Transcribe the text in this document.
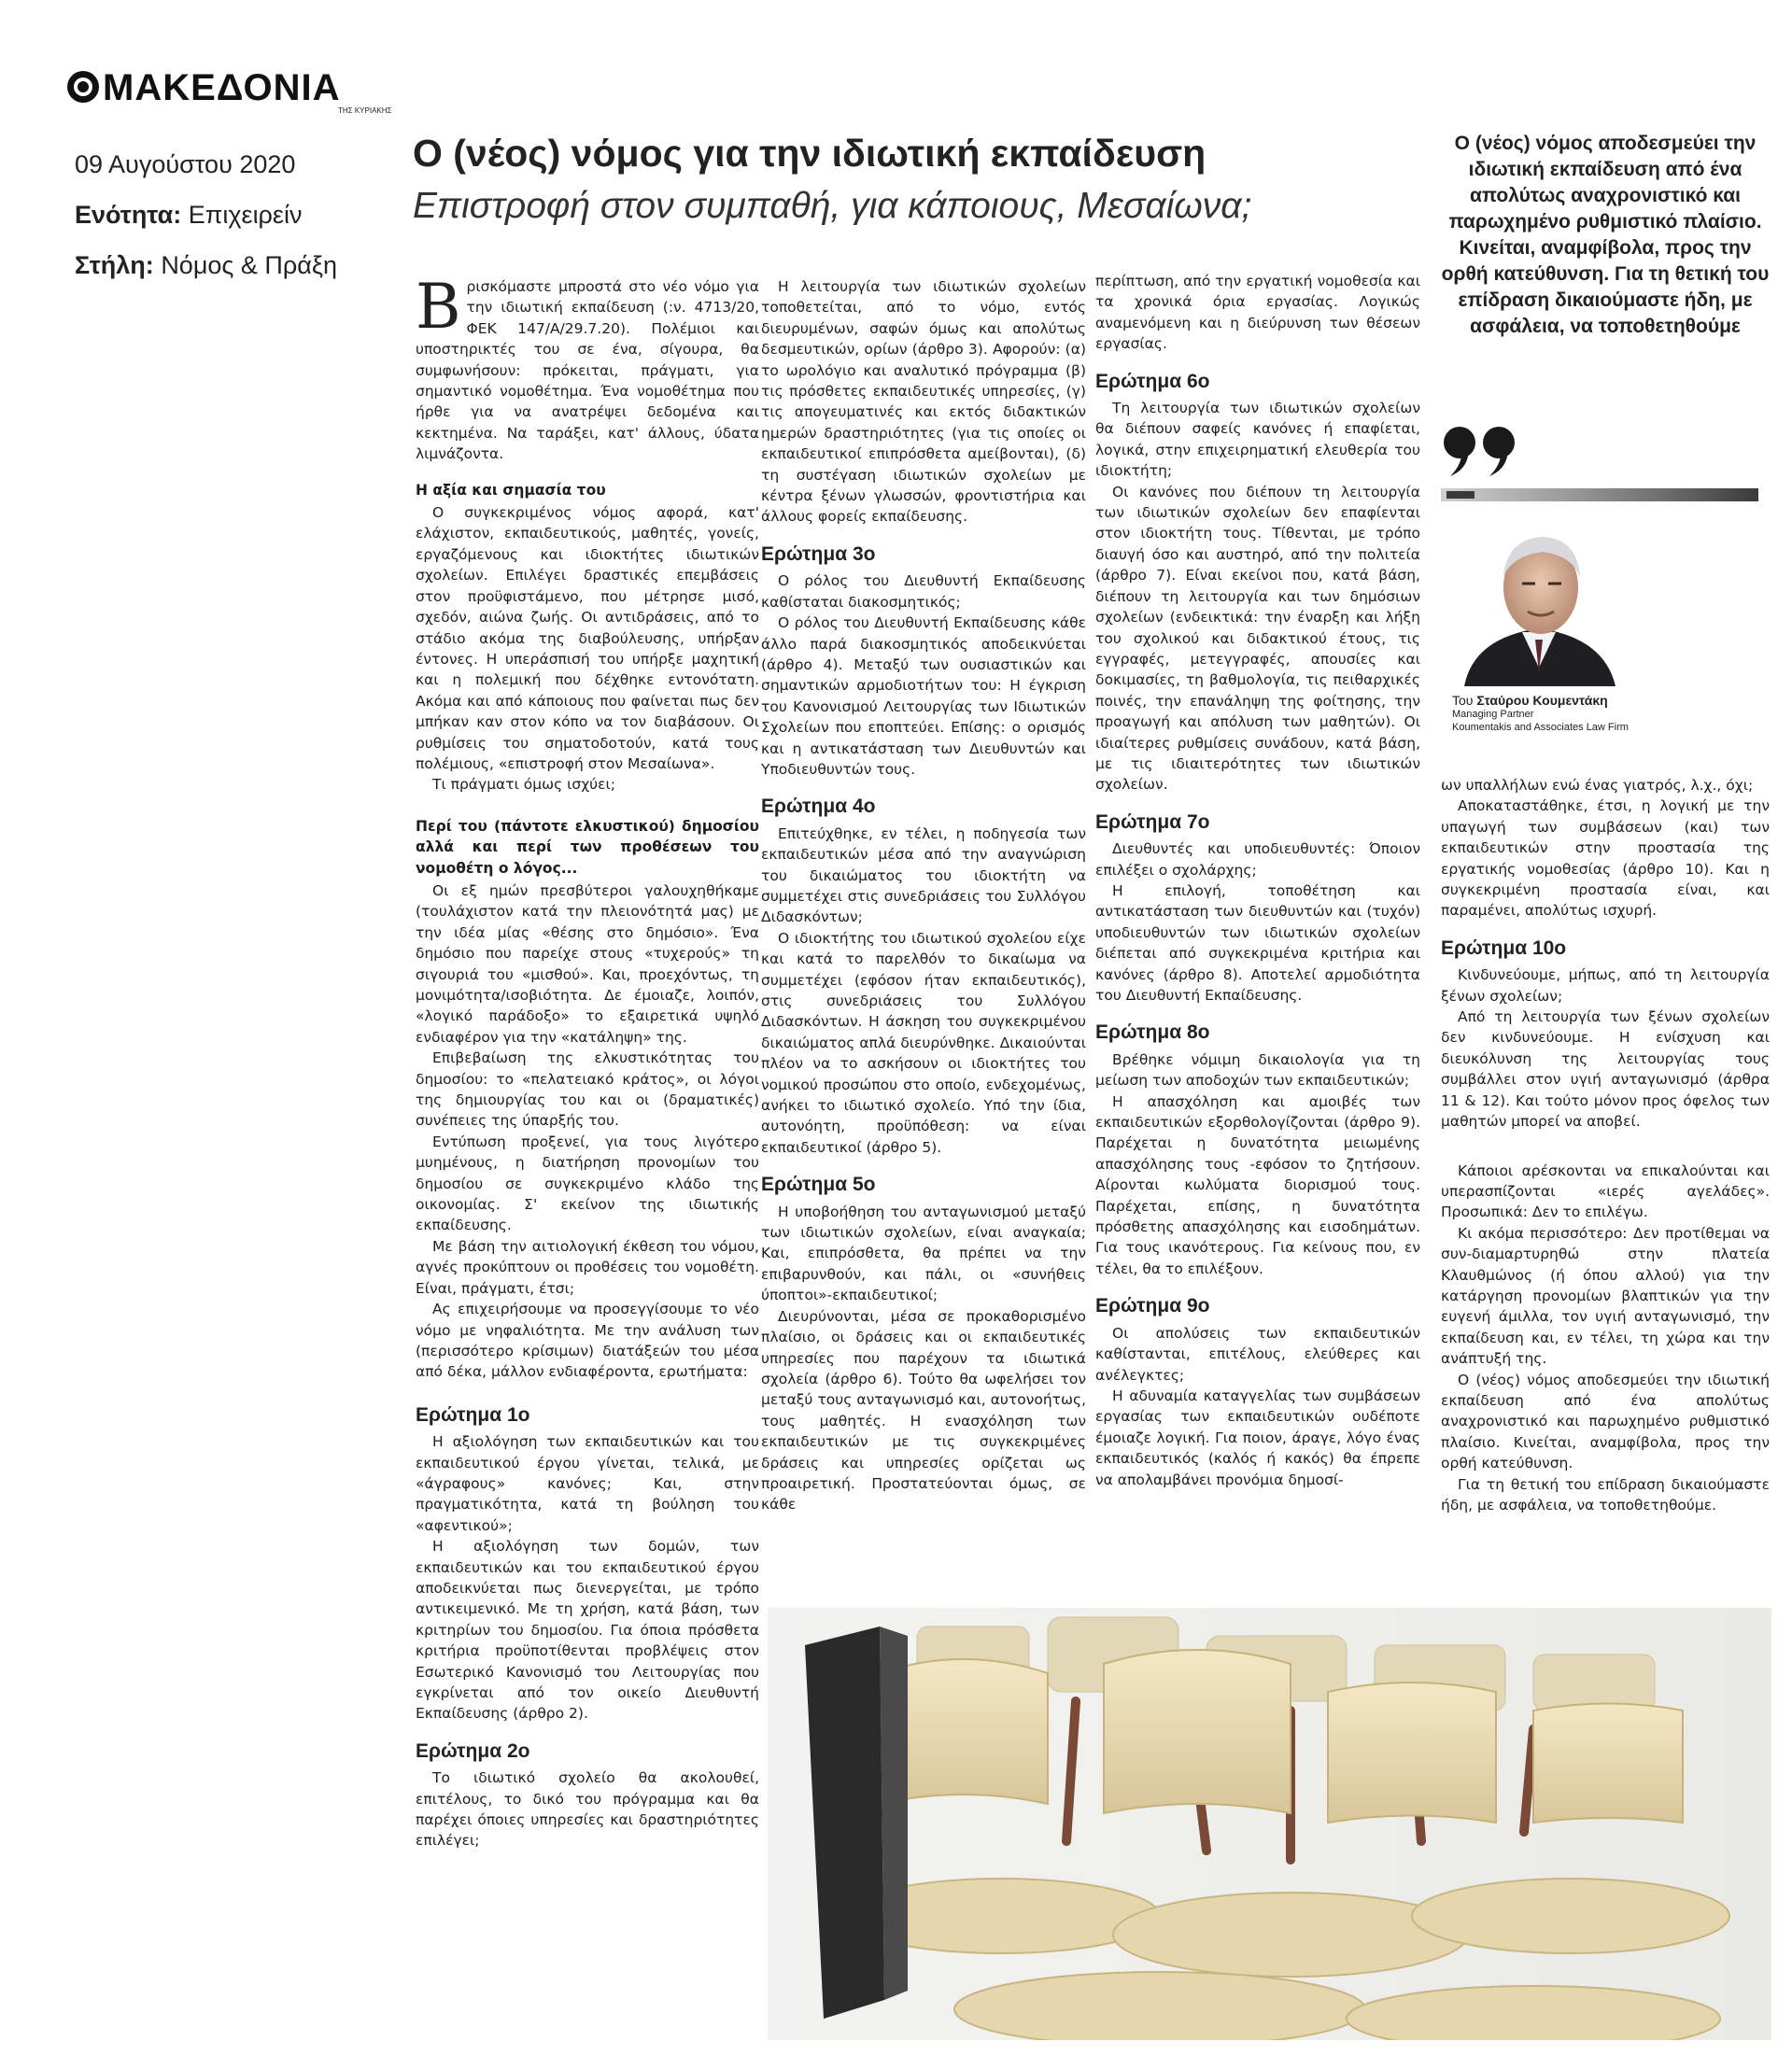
ΜΑΚΕΔΟΝΙΑ
ΤΗΣ ΚΥΡΙΑΚΗΣ
09 Αυγούστου 2020
Ενότητα: Επιχειρείν
Στήλη: Νόμος & Πράξη
Ο (νέος) νόμος για την ιδιωτική εκπαίδευση
Επιστροφή στον συμπαθή, για κάποιους, Μεσαίωνα;

Βρισκόμαστε μπροστά στο νέο νόμο για την ιδιωτική εκπαίδευση (:ν. 4713/20, ΦΕΚ 147/Α/29.7.20). Πολέμιοι και υποστηρικτές του σε ένα, σίγουρα, θα συμφωνήσουν: πρόκειται, πράγματι, για σημαντικό νομοθέτημα. Ένα νομοθέτημα που ήρθε για να ανατρέψει δεδομένα και κεκτημένα. Να ταράξει, κατ' άλλους, ύδατα λιμνάζοντα.

Η αξία και σημασία του

Ο συγκεκριμένος νόμος αφορά, κατ' ελάχιστον, εκπαιδευτικούς, μαθητές, γονείς, εργαζόμενους και ιδιοκτήτες ιδιωτικών σχολείων. Επιλέγει δραστικές επεμβάσεις στον προϋφιστάμενο, που μέτρησε μισό, σχεδόν, αιώνα ζωής. Οι αντιδράσεις, από το στάδιο ακόμα της διαβούλευσης, υπήρξαν έντονες. Η υπεράσπισή του υπήρξε μαχητική και η πολεμική που δέχθηκε εντονότατη. Ακόμα και από κάποιους που φαίνεται πως δεν μπήκαν καν στον κόπο να τον διαβάσουν. Οι ρυθμίσεις του σηματοδοτούν, κατά τους πολέμιους, «επιστροφή στον Μεσαίωνα».

Τι πράγματι όμως ισχύει;

Περί του (πάντοτε ελκυστικού) δημοσίου αλλά και περί των προθέσεων του νομοθέτη ο λόγος...

Οι εξ ημών πρεσβύτεροι γαλουχηθήκαμε (τουλάχιστον κατά την πλειονότητά μας) με την ιδέα μίας «θέσης στο δημόσιο». Ένα δημόσιο που παρείχε στους «τυχερούς» τη σιγουριά του «μισθού». Και, προεχόντως, τη μονιμότητα/ισοβιότητα. Δε έμοιαζε, λοιπόν, «λογικό παράδοξο» το εξαιρετικά υψηλό ενδιαφέρον για την «κατάληψη» της.

Επιβεβαίωση της ελκυστικότητας του δημοσίου: το «πελατειακό κράτος», οι λόγοι της δημιουργίας του και οι (δραματικές) συνέπειες της ύπαρξής του.

Εντύπωση προξενεί, για τους λιγότερο μυημένους, η διατήρηση προνομίων του δημοσίου σε συγκεκριμένο κλάδο της οικονομίας. Σ' εκείνον της ιδιωτικής εκπαίδευσης.

Με βάση την αιτιολογική έκθεση του νόμου, αγνές προκύπτουν οι προθέσεις του νομοθέτη. Είναι, πράγματι, έτσι;

Ας επιχειρήσουμε να προσεγγίσουμε το νέο νόμο με νηφαλιότητα. Με την ανάλυση των (περισσότερο κρίσιμων) διατάξεών του μέσα από δέκα, μάλλον ενδιαφέροντα, ερωτήματα:

Ερώτημα 1ο

Η αξιολόγηση των εκπαιδευτικών και του εκπαιδευτικού έργου γίνεται, τελικά, με «άγραφους» κανόνες; Και, στην πραγματικότητα, κατά τη βούληση του «αφεντικού»;

Η αξιολόγηση των δομών, των εκπαιδευτικών και του εκπαιδευτικού έργου αποδεικνύεται πως διενεργείται, με τρόπο αντικειμενικό. Με τη χρήση, κατά βάση, των κριτηρίων του δημοσίου. Για όποια πρόσθετα κριτήρια προϋποτίθενται προβλέψεις στον Εσωτερικό Κανονισμό του Λειτουργίας που εγκρίνεται από τον οικείο Διευθυντή Εκπαίδευσης (άρθρο 2).

Ερώτημα 2ο

Το ιδιωτικό σχολείο θα ακολουθεί, επιτέλους, το δικό του πρόγραμμα και θα παρέχει όποιες υπηρεσίες και δραστηριότητες επιλέγει;

Η λειτουργία των ιδιωτικών σχολείων τοποθετείται, από το νόμο, εντός διευρυμένων, σαφών όμως και απολύτως δεσμευτικών, ορίων (άρθρο 3). Αφορούν: (α) το ωρολόγιο και αναλυτικό πρόγραμμα (β) τις πρόσθετες εκπαιδευτικές υπηρεσίες, (γ) τις απογευματινές και εκτός διδακτικών ημερών δραστηριότητες (για τις οποίες οι εκπαιδευτικοί επιπρόσθετα αμείβονται), (δ) τη συστέγαση ιδιωτικών σχολείων με κέντρα ξένων γλωσσών, φροντιστήρια και άλλους φορείς εκπαίδευσης.

Ερώτημα 3ο

Ο ρόλος του Διευθυντή Εκπαίδευσης καθίσταται διακοσμητικός;

Ο ρόλος του Διευθυντή Εκπαίδευσης κάθε άλλο παρά διακοσμητικός αποδεικνύεται (άρθρο 4). Μεταξύ των ουσιαστικών και σημαντικών αρμοδιοτήτων του: Η έγκριση του Κανονισμού Λειτουργίας των Ιδιωτικών Σχολείων που εποπτεύει. Επίσης: ο ορισμός και η αντικατάσταση των Διευθυντών και Υποδιευθυντών τους.

Ερώτημα 4ο

Επιτεύχθηκε, εν τέλει, η ποδηγεσία των εκπαιδευτικών μέσα από την αναγνώριση του δικαιώματος του ιδιοκτήτη να συμμετέχει στις συνεδριάσεις του Συλλόγου Διδασκόντων;

Ο ιδιοκτήτης του ιδιωτικού σχολείου είχε και κατά το παρελθόν το δικαίωμα να συμμετέχει (εφόσον ήταν εκπαιδευτικός), στις συνεδριάσεις του Συλλόγου Διδασκόντων. Η άσκηση του συγκεκριμένου δικαιώματος απλά διευρύνθηκε. Δικαιούνται πλέον να το ασκήσουν οι ιδιοκτήτες του νομικού προσώπου στο οποίο, ενδεχομένως, ανήκει το ιδιωτικό σχολείο. Υπό την ίδια, αυτονόητη, προϋπόθεση: να είναι εκπαιδευτικοί (άρθρο 5).

Ερώτημα 5ο

Η υποβοήθηση του ανταγωνισμού μεταξύ των ιδιωτικών σχολείων, είναι αναγκαία; Και, επιπρόσθετα, θα πρέπει να την επιβαρυνθούν, και πάλι, οι «συνήθεις ύποπτοι»-εκπαιδευτικοί;

Διευρύνονται, μέσα σε προκαθορισμένο πλαίσιο, οι δράσεις και οι εκπαιδευτικές υπηρεσίες που παρέχουν τα ιδιωτικά σχολεία (άρθρο 6). Τούτο θα ωφελήσει τον μεταξύ τους ανταγωνισμό και, αυτονοήτως, τους μαθητές. Η ενασχόληση των εκπαιδευτικών με τις συγκεκριμένες δράσεις και υπηρεσίες ορίζεται ως προαιρετική. Προστατεύονται όμως, σε κάθε

περίπτωση, από την εργατική νομοθεσία και τα χρονικά όρια εργασίας. Λογικώς αναμενόμενη και η διεύρυνση των θέσεων εργασίας.

Ερώτημα 6ο

Τη λειτουργία των ιδιωτικών σχολείων θα διέπουν σαφείς κανόνες ή επαφίεται, λογικά, στην επιχειρηματική ελευθερία του ιδιοκτήτη;

Οι κανόνες που διέπουν τη λειτουργία των ιδιωτικών σχολείων δεν επαφίενται στον ιδιοκτήτη τους. Τίθενται, με τρόπο διαυγή όσο και αυστηρό, από την πολιτεία (άρθρο 7). Είναι εκείνοι που, κατά βάση, διέπουν τη λειτουργία και των δημόσιων σχολείων (ενδεικτικά: την έναρξη και λήξη του σχολικού και διδακτικού έτους, τις εγγραφές, μετεγγραφές, απουσίες και δοκιμασίες, τη βαθμολογία, τις πειθαρχικές ποινές, την επανάληψη της φοίτησης, την προαγωγή και απόλυση των μαθητών). Οι ιδιαίτερες ρυθμίσεις συνάδουν, κατά βάση, με τις ιδιαιτερότητες των ιδιωτικών σχολείων.

Ερώτημα 7ο

Διευθυντές και υποδιευθυντές: Όποιον επιλέξει ο σχολάρχης;

Η επιλογή, τοποθέτηση και αντικατάσταση των διευθυντών και (τυχόν) υποδιευθυντών των ιδιωτικών σχολείων διέπεται από συγκεκριμένα κριτήρια και κανόνες (άρθρο 8). Αποτελεί αρμοδιότητα του Διευθυντή Εκπαίδευσης.

Ερώτημα 8ο

Βρέθηκε νόμιμη δικαιολογία για τη μείωση των αποδοχών των εκπαιδευτικών;

Η απασχόληση και αμοιβές των εκπαιδευτικών εξορθολογίζονται (άρθρο 9). Παρέχεται η δυνατότητα μειωμένης απασχόλησης τους -εφόσον το ζητήσουν. Αίρονται κωλύματα διορισμού τους. Παρέχεται, επίσης, η δυνατότητα πρόσθετης απασχόλησης και εισοδημάτων. Για τους ικανότερους. Για κείνους που, εν τέλει, θα το επιλέξουν.

Ερώτημα 9ο

Οι απολύσεις των εκπαιδευτικών καθίστανται, επιτέλους, ελεύθερες και ανέλεγκτες;

Η αδυναμία καταγγελίας των συμβάσεων εργασίας των εκπαιδευτικών ουδέποτε έμοιαζε λογική. Για ποιον, άραγε, λόγο ένας εκπαιδευτικός (καλός ή κακός) θα έπρεπε να απολαμβάνει προνόμια δημοσί-

Ο (νέος) νόμος αποδεσμεύει την ιδιωτική εκπαίδευση από ένα απολύτως αναχρονιστικό και παρωχημένο ρυθμιστικό πλαίσιο. Κινείται, αναμφίβολα, προς την ορθή κατεύθυνση. Για τη θετική του επίδραση δικαιούμαστε ήδη, με ασφάλεια, να τοποθετηθούμε
Του Σταύρου Κουμεντάκη
Managing Partner
Koumentakis and Associates Law Firm

ων υπαλλήλων ενώ ένας γιατρός, λ.χ., όχι;

Αποκαταστάθηκε, έτσι, η λογική με την υπαγωγή των συμβάσεων (και) των εκπαιδευτικών στην προστασία της εργατικής νομοθεσίας (άρθρο 10). Και η συγκεκριμένη προστασία είναι, και παραμένει, απολύτως ισχυρή.

Ερώτημα 10ο

Κινδυνεύουμε, μήπως, από τη λειτουργία ξένων σχολείων;

Από τη λειτουργία των ξένων σχολείων δεν κινδυνεύουμε. Η ενίσχυση και διευκόλυνση της λειτουργίας τους συμβάλλει στον υγιή ανταγωνισμό (άρθρα 11 & 12). Και τούτο μόνον προς όφελος των μαθητών μπορεί να αποβεί.

Κάποιοι αρέσκονται να επικαλούνται και υπερασπίζονται «ιερές αγελάδες». Προσωπικά: Δεν το επιλέγω.

Κι ακόμα περισσότερο: Δεν προτίθεμαι να συν-διαμαρτυρηθώ στην πλατεία Κλαυθμώνος (ή όπου αλλού) για την κατάργηση προνομίων βλαπτικών για την ευγενή άμιλλα, τον υγιή ανταγωνισμό, την εκπαίδευση και, εν τέλει, τη χώρα και την ανάπτυξή της.

Ο (νέος) νόμος αποδεσμεύει την ιδιωτική εκπαίδευση από ένα απολύτως αναχρονιστικό και παρωχημένο ρυθμιστικό πλαίσιο. Κινείται, αναμφίβολα, προς την ορθή κατεύθυνση.

Για τη θετική του επίδραση δικαιούμαστε ήδη, με ασφάλεια, να τοποθετηθούμε.
